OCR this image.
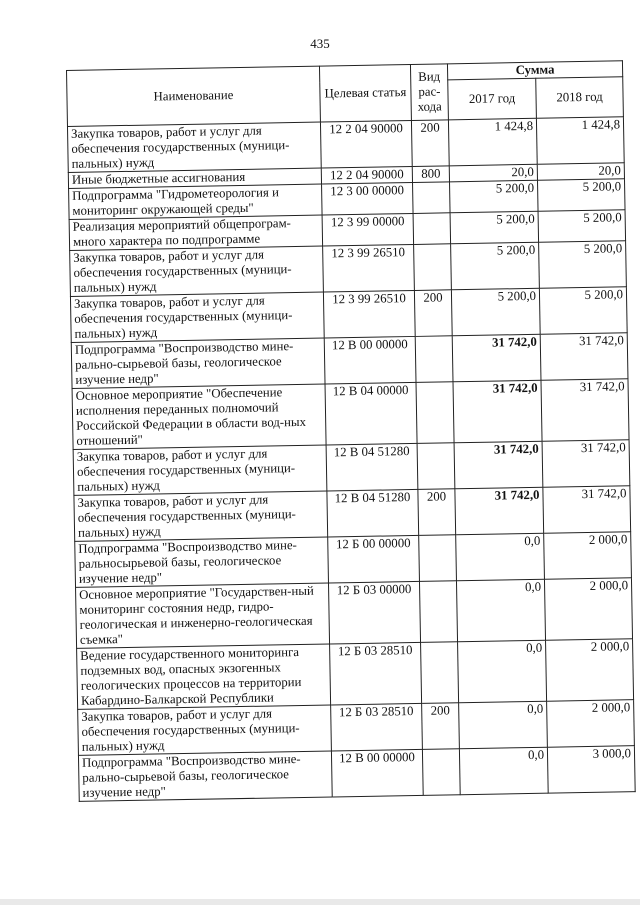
435
Наименование	Целевая статья	Вид рас-хода	Сумма	
			2017 год	2018 год
Закупка товаров, работ и услуг для обеспечения государственных (муници-пальных) нужд	12 2 04 90000	200	1 424,8	1 424,8
Иные бюджетные ассигнования	12 2 04 90000	800	20,0	20,0
Подпрограмма "Гидрометеорология и мониторинг окружающей среды"	12 3 00 00000		5 200,0	5 200,0
Реализация мероприятий общепрограм-много характера по подпрограмме	12 3 99 00000		5 200,0	5 200,0
Закупка товаров, работ и услуг для обеспечения государственных (муници-пальных) нужд	12 3 99 26510		5 200,0	5 200,0
Закупка товаров, работ и услуг для обеспечения государственных (муници-пальных) нужд	12 3 99 26510	200	5 200,0	5 200,0
Подпрограмма "Воспроизводство мине-рально-сырьевой базы, геологическое изучение недр"	12 В 00 00000		31 742,0	31 742,0
Основное мероприятие "Обеспечение исполнения переданных полномочий Российской Федерации в области вод-ных отношений"	12 В 04 00000		31 742,0	31 742,0
Закупка товаров, работ и услуг для обеспечения государственных (муници-пальных) нужд	12 В 04 51280		31 742,0	31 742,0
Закупка товаров, работ и услуг для обеспечения государственных (муници-пальных) нужд	12 В 04 51280	200	31 742,0	31 742,0
Подпрограмма "Воспроизводство мине-ральносырьевой базы, геологическое изучение недр"	12 Б 00 00000		0,0	2 000,0
Основное мероприятие "Государствен-ный мониторинг состояния недр, гидро-геологическая и инженерно-геологическая съемка"	12 Б 03 00000		0,0	2 000,0
Ведение государственного мониторинга подземных вод, опасных экзогенных геологических процессов на территории Кабардино-Балкарской Республики	12 Б 03 28510		0,0	2 000,0
Закупка товаров, работ и услуг для обеспечения государственных (муници-пальных) нужд	12 Б 03 28510	200	0,0	2 000,0
Подпрограмма "Воспроизводство мине-рально-сырьевой базы, геологическое изучение недр"	12 В 00 00000		0,0	3 000,0
